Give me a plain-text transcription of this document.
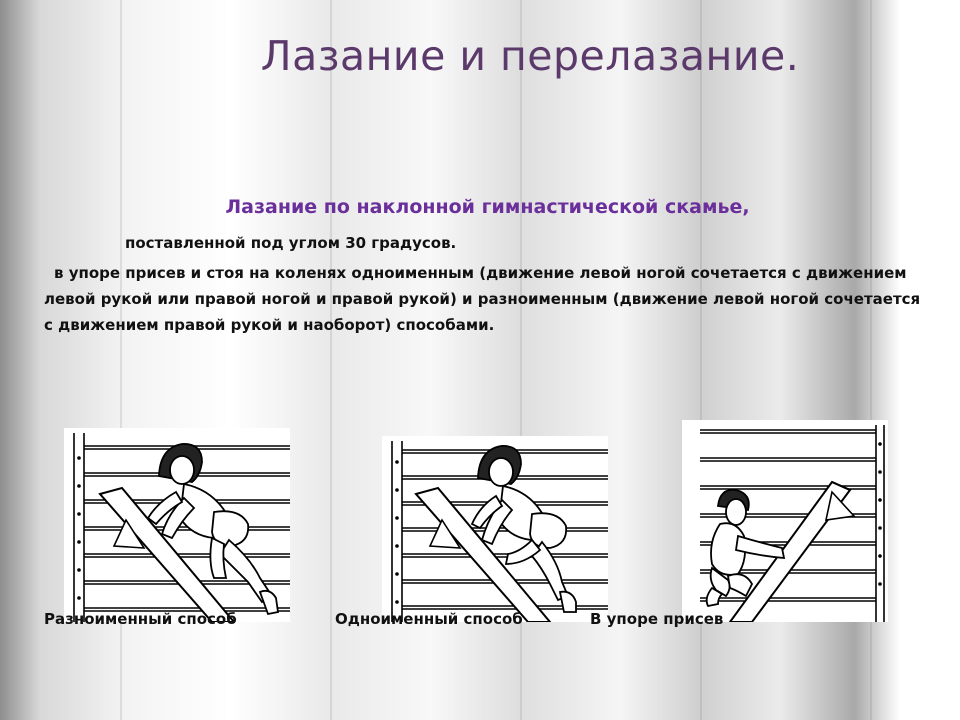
Лазание и перелазание.

Лазание по наклонной гимнастической скамье,

поставленной под углом 30 градусов.

в упоре присев и стоя на коленях одноименным (движение левой ногой сочетается с движением левой рукой или правой ногой и правой рукой) и разноименным (движение левой ногой сочетается с движением правой рукой и наоборот) способами.

Разноименный способ	Одноименный способ	В упоре присев
